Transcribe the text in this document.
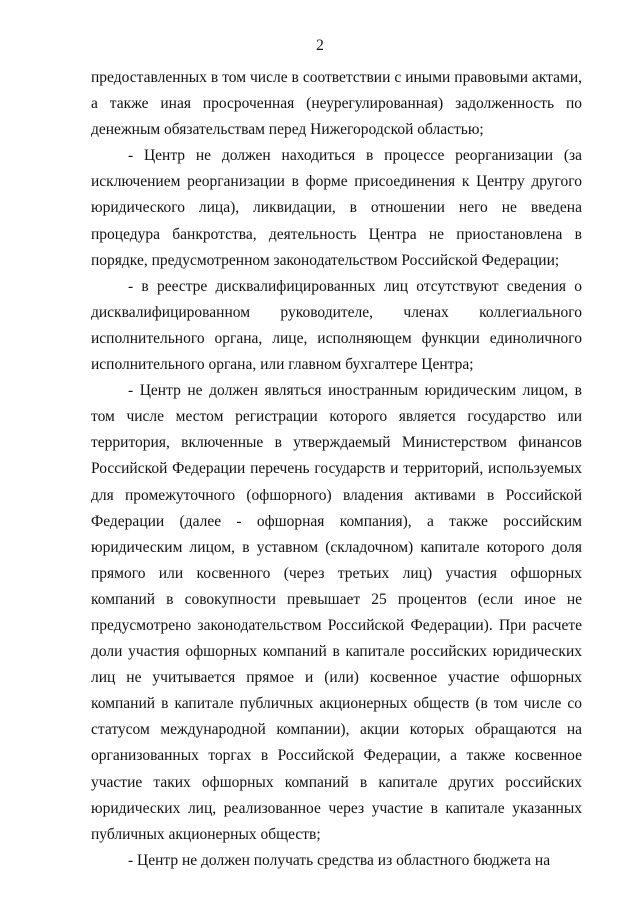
2

предоставленных в том числе в соответствии с иными правовыми актами, а также иная просроченная (неурегулированная) задолженность по денежным обязательствам перед Нижегородской областью;

- Центр не должен находиться в процессе реорганизации (за исключением реорганизации в форме присоединения к Центру другого юридического лица), ликвидации, в отношении него не введена процедура банкротства, деятельность Центра не приостановлена в порядке, предусмотренном законодательством Российской Федерации;

- в реестре дисквалифицированных лиц отсутствуют сведения о дисквалифицированном руководителе, членах коллегиального исполнительного органа, лице, исполняющем функции единоличного исполнительного органа, или главном бухгалтере Центра;

- Центр не должен являться иностранным юридическим лицом, в том числе местом регистрации которого является государство или территория, включенные в утверждаемый Министерством финансов Российской Федерации перечень государств и территорий, используемых для промежуточного (офшорного) владения активами в Российской Федерации (далее - офшорная компания), а также российским юридическим лицом, в уставном (складочном) капитале которого доля прямого или косвенного (через третьих лиц) участия офшорных компаний в совокупности превышает 25 процентов (если иное не предусмотрено законодательством Российской Федерации). При расчете доли участия офшорных компаний в капитале российских юридических лиц не учитывается прямое и (или) косвенное участие офшорных компаний в капитале публичных акционерных обществ (в том числе со статусом международной компании), акции которых обращаются на организованных торгах в Российской Федерации, а также косвенное участие таких офшорных компаний в капитале других российских юридических лиц, реализованное через участие в капитале указанных публичных акционерных обществ;

- Центр не должен получать средства из областного бюджета на
